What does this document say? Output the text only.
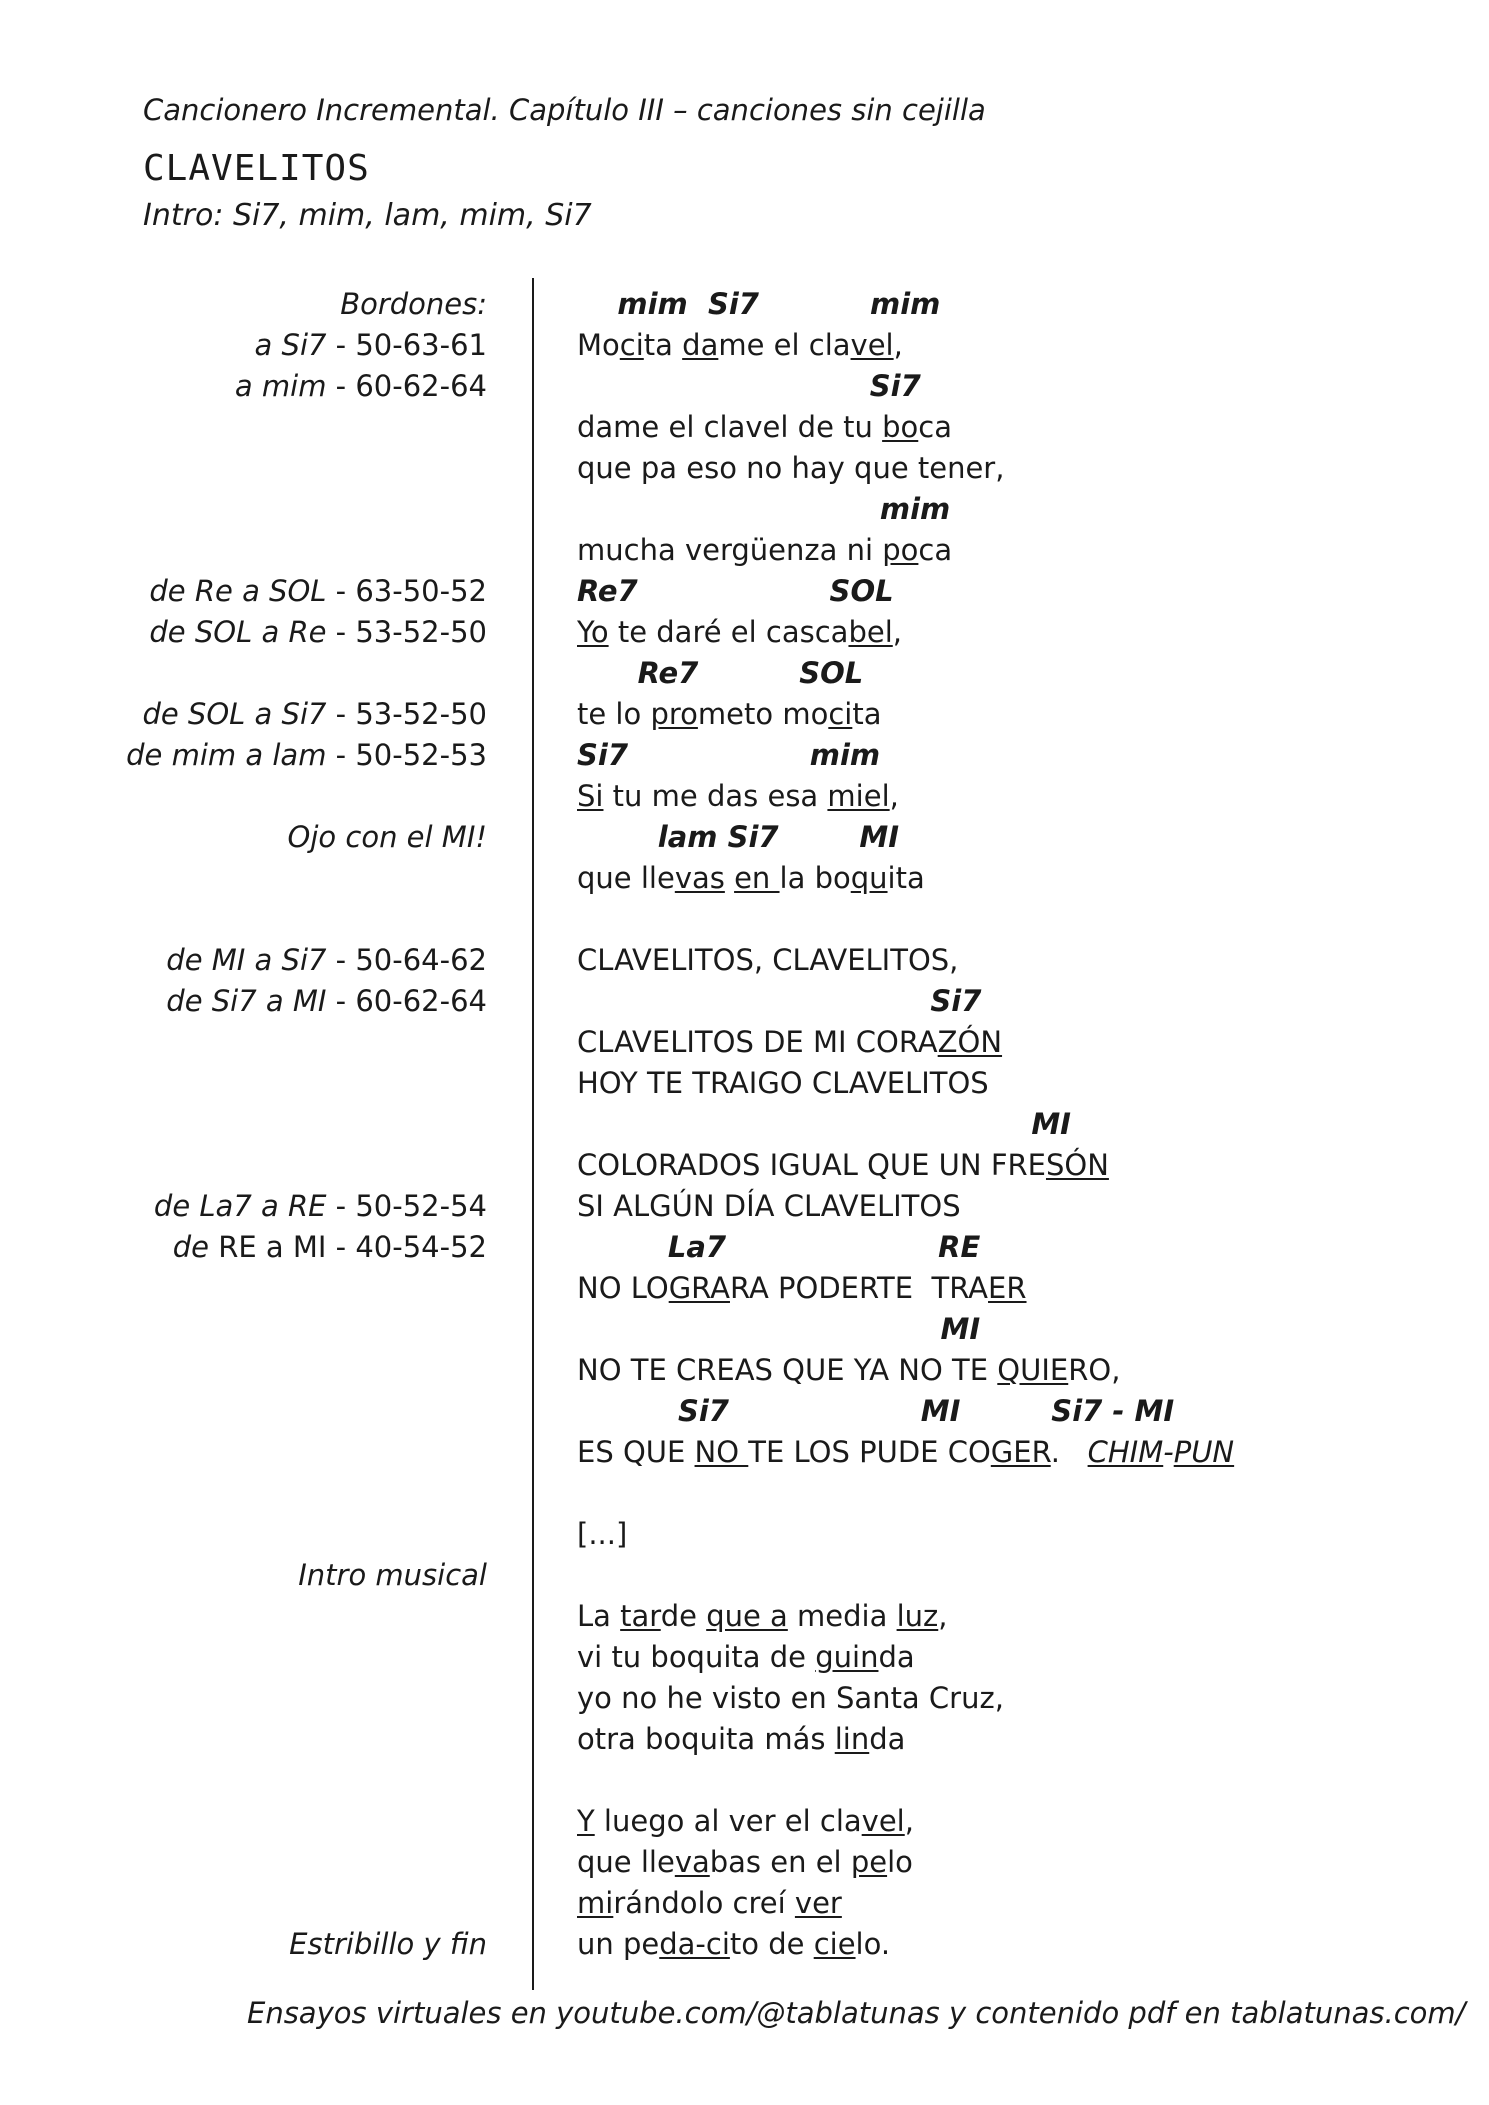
Cancionero Incremental. Capítulo III – canciones sin cejilla
CLAVELITOS
Intro: Si7, mim, lam, mim, Si7
Bordones:
a Si7 - 50-63-61
a mim - 60-62-64
de Re a SOL - 63-50-52
de SOL a Re - 53-52-50
de SOL a Si7 - 53-52-50
de mim a lam - 50-52-53
Ojo con el MI!
de MI a Si7 - 50-64-62
de Si7 a MI - 60-62-64
de La7 a RE - 50-52-54
de RE a MI - 40-54-52
Intro musical
Estribillo y fin
mim  Si7           mim
Mocita dame el clavel,
Si7
dame el clavel de tu boca
que pa eso no hay que tener,
mim
mucha vergüenza ni poca
Re7                   SOL
Yo te daré el cascabel,
Re7          SOL
te lo prometo mocita
Si7                  mim
Si tu me das esa miel,
lam Si7        MI
que llevas en la boquita
CLAVELITOS, CLAVELITOS,
Si7
CLAVELITOS DE MI CORAZÓN
HOY TE TRAIGO CLAVELITOS
MI
COLORADOS IGUAL QUE UN FRESÓN
SI ALGÚN DÍA CLAVELITOS
La7                     RE
NO LOGRARA PODERTE  TRAER
MI
NO TE CREAS QUE YA NO TE QUIERO,
Si7                   MI         Si7 - MI
ES QUE NO TE LOS PUDE COGER.   CHIM-PUN
[...]
La tarde que a media luz,
vi tu boquita de guinda
yo no he visto en Santa Cruz,
otra boquita más linda
Y luego al ver el clavel,
que llevabas en el pelo
mirándolo creí ver
un peda-cito de cielo.
Ensayos virtuales en youtube.com/@tablatunas y contenido pdf en tablatunas.com/
